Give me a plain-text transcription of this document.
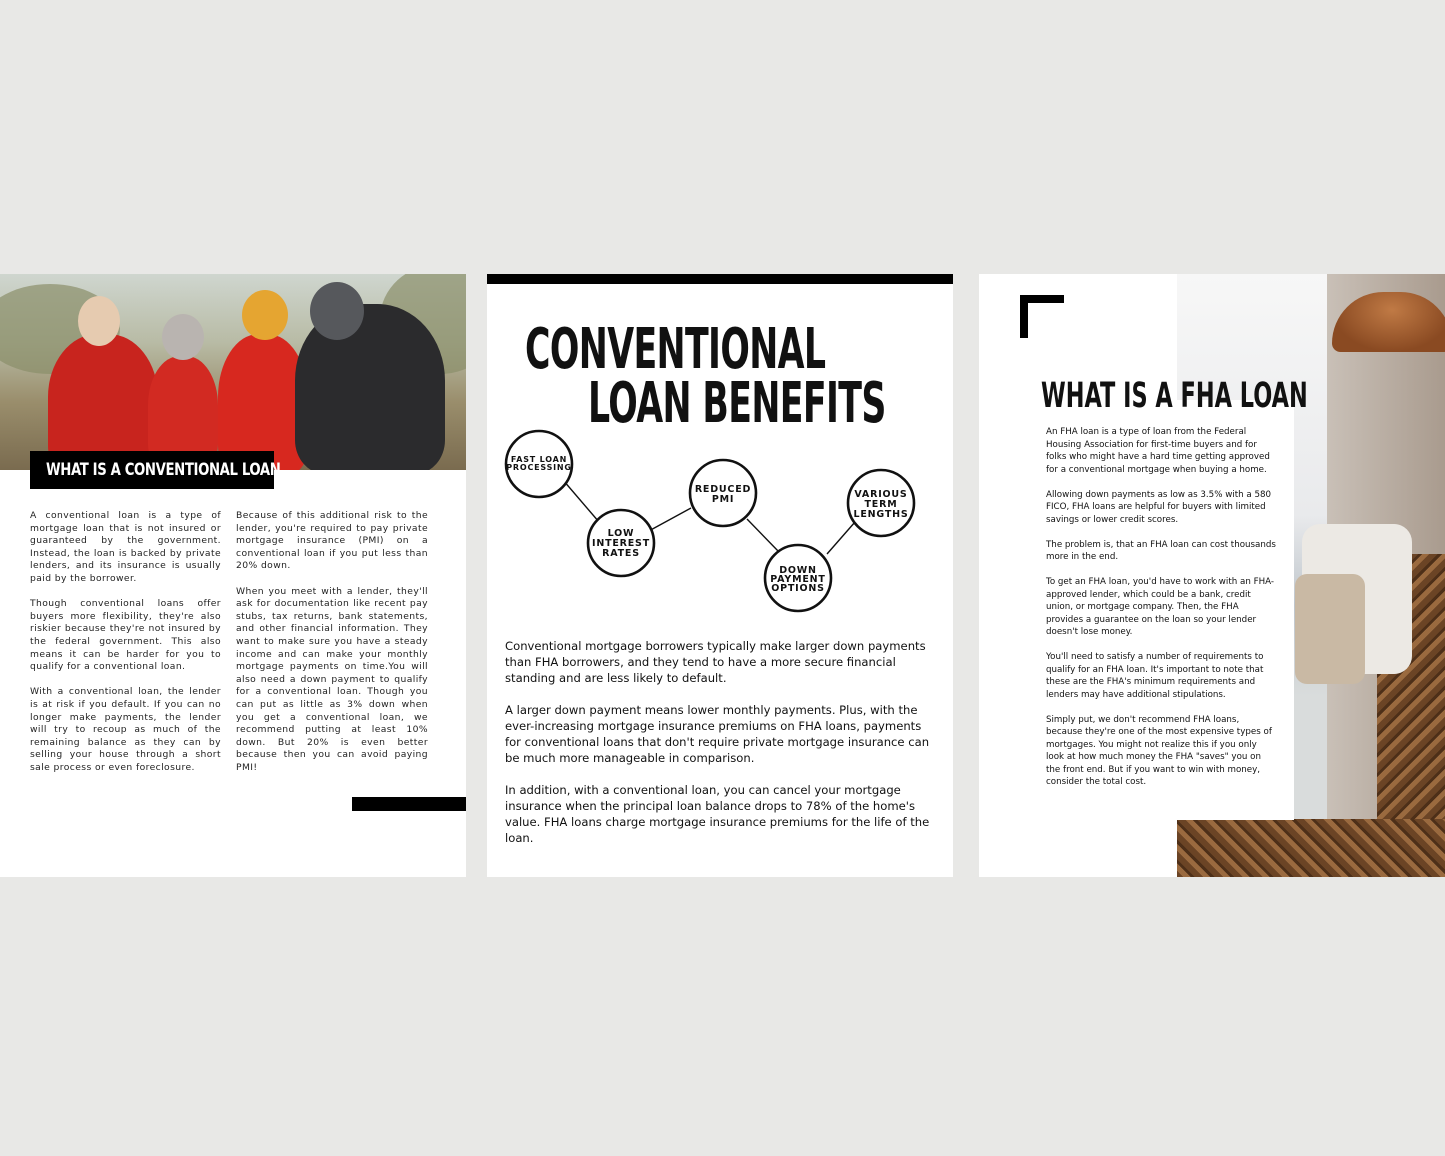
WHAT IS A CONVENTIONAL LOAN

A conventional loan is a type of mortgage loan that is not insured or guaranteed by the government. Instead, the loan is backed by private lenders, and its insurance is usually paid by the borrower.

Though conventional loans offer buyers more flexibility, they're also riskier because they're not insured by the federal government. This also means it can be harder for you to qualify for a conventional loan.

With a conventional loan, the lender is at risk if you default. If you can no longer make payments, the lender will try to recoup as much of the remaining balance as they can by selling your house through a short sale process or even foreclosure.

Because of this additional risk to the lender, you're required to pay private mortgage insurance (PMI) on a conventional loan if you put less than 20% down.

When you meet with a lender, they'll ask for documentation like recent pay stubs, tax returns, bank statements, and other financial information. They want to make sure you have a steady income and can make your monthly mortgage payments on time.You will also need a down payment to qualify for a conventional loan. Though you can put as little as 3% down when you get a conventional loan, we recommend putting at least 10% down. But 20% is even better because then you can avoid paying PMI!

CONVENTIONAL
LOAN BENEFITS
FAST LOAN
PROCESSING
LOW
INTEREST
RATES
REDUCED
PMI
DOWN
PAYMENT
OPTIONS
VARIOUS
TERM
LENGTHS

Conventional mortgage borrowers typically make larger down payments than FHA borrowers, and they tend to have a more secure financial standing and are less likely to default.

A larger down payment means lower monthly payments. Plus, with the ever-increasing mortgage insurance premiums on FHA loans, payments for conventional loans that don't require private mortgage insurance can be much more manageable in comparison.

In addition, with a conventional loan, you can cancel your mortgage insurance when the principal loan balance drops to 78% of the home's value. FHA loans charge mortgage insurance premiums for the life of the loan.

WHAT IS A FHA LOAN

An FHA loan is a type of loan from the Federal Housing Association for first-time buyers and for folks who might have a hard time getting approved for a conventional mortgage when buying a home.

Allowing down payments as low as 3.5% with a 580 FICO, FHA loans are helpful for buyers with limited savings or lower credit scores.

The problem is, that an FHA loan can cost thousands more in the end.

To get an FHA loan, you'd have to work with an FHA-approved lender, which could be a bank, credit union, or mortgage company. Then, the FHA provides a guarantee on the loan so your lender doesn't lose money.

You'll need to satisfy a number of requirements to qualify for an FHA loan. It's important to note that these are the FHA's minimum requirements and lenders may have additional stipulations.

Simply put, we don't recommend FHA loans, because they're one of the most expensive types of mortgages. You might not realize this if you only look at how much money the FHA "saves" you on the front end. But if you want to win with money, consider the total cost.
